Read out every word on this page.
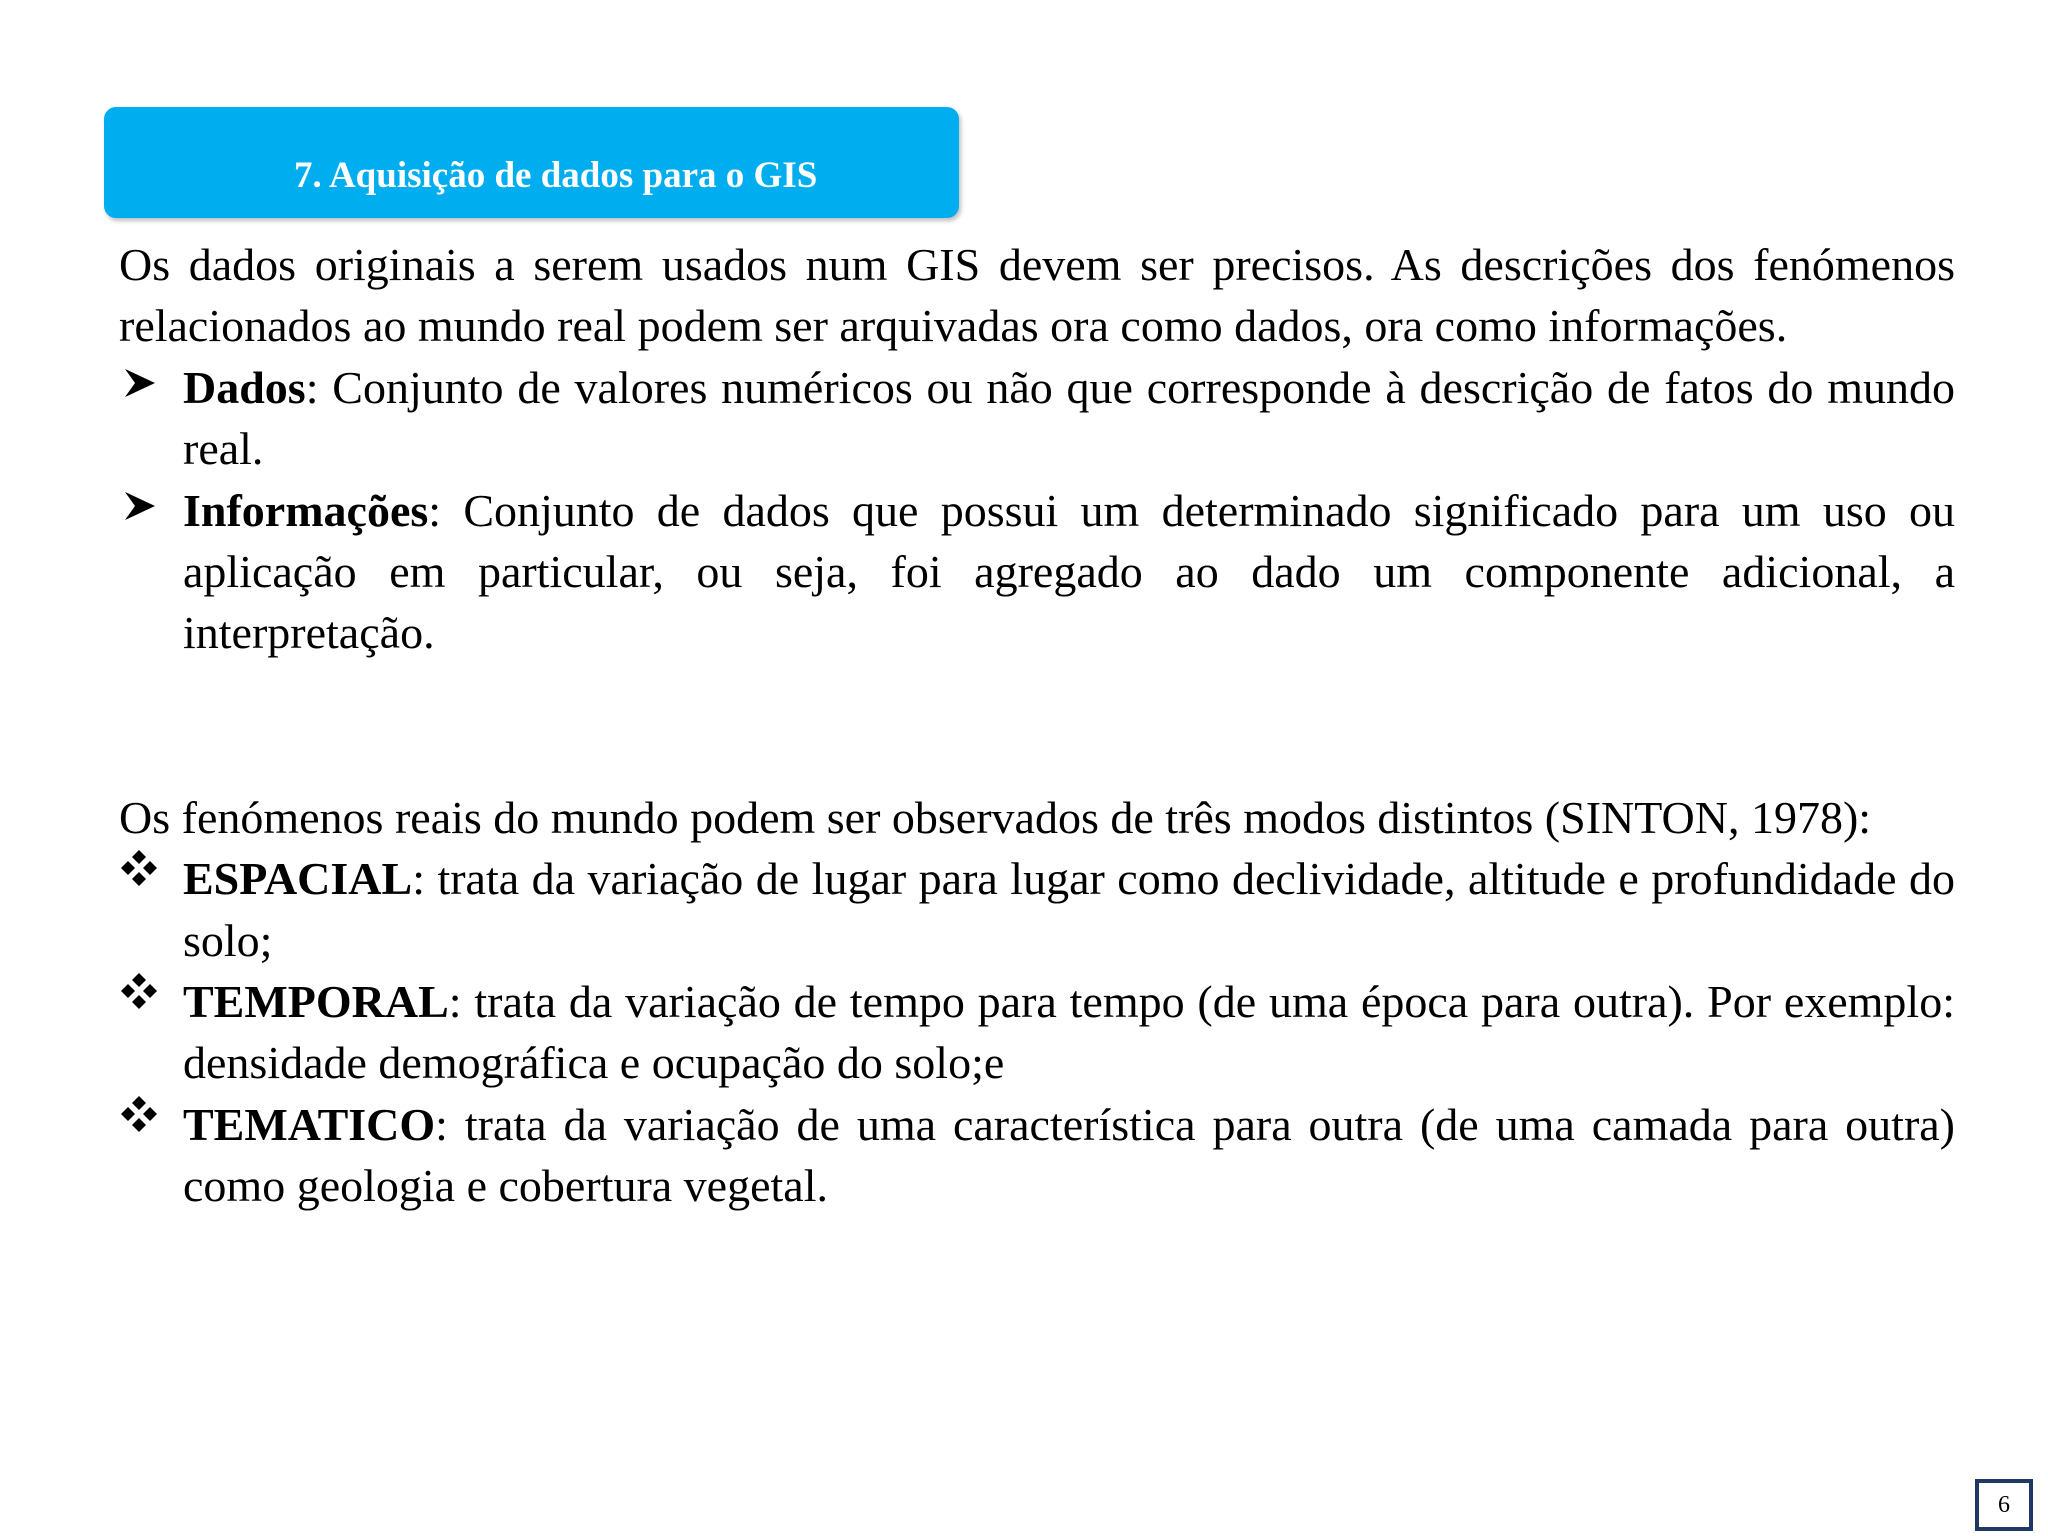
7. Aquisição de dados para o GIS

Os dados originais a serem usados num GIS devem ser precisos. As descrições dos fenómenos relacionados ao mundo real podem ser arquivadas ora como dados, ora como informações.

Dados: Conjunto de valores numéricos ou não que corresponde à descrição de fatos do mundo real.
Informações: Conjunto de dados que possui um determinado significado para um uso ou aplicação em particular, ou seja, foi agregado ao dado um componente adicional, a interpretação.

Os fenómenos reais do mundo podem ser observados de três modos distintos (SINTON, 1978):

ESPACIAL: trata da variação de lugar para lugar como declividade, altitude e profundidade do solo;
TEMPORAL: trata da variação de tempo para tempo (de uma época para outra). Por exemplo: densidade demográfica e ocupação do solo;e
TEMATICO: trata da variação de uma característica para outra (de uma camada para outra) como geologia e cobertura vegetal.
6
